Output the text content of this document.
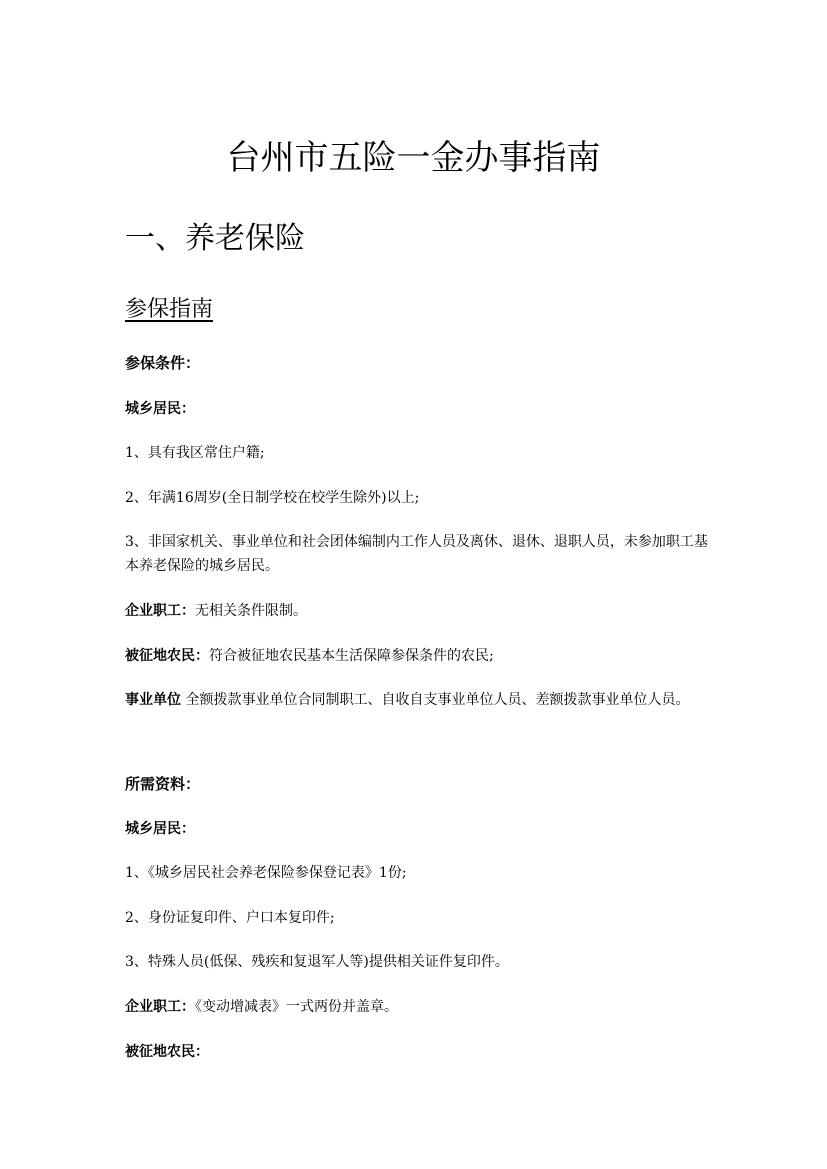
台州市五险一金办事指南
一、养老保险
参保指南

参保条件：

城乡居民：

1、具有我区常住户籍;

2、年满16周岁(全日制学校在校学生除外)以上;

3、非国家机关、事业单位和社会团体编制内工作人员及离休、退休、退职人员，未参加职工基本养老保险的城乡居民。

企业职工：无相关条件限制。

被征地农民：符合被征地农民基本生活保障参保条件的农民;

事业单位 全额拨款事业单位合同制职工、自收自支事业单位人员、差额拨款事业单位人员。

所需资料：

城乡居民：

1、《城乡居民社会养老保险参保登记表》1份;

2、身份证复印件、户口本复印件;

3、特殊人员(低保、残疾和复退军人等)提供相关证件复印件。

企业职工：《变动增减表》一式两份并盖章。

被征地农民：
